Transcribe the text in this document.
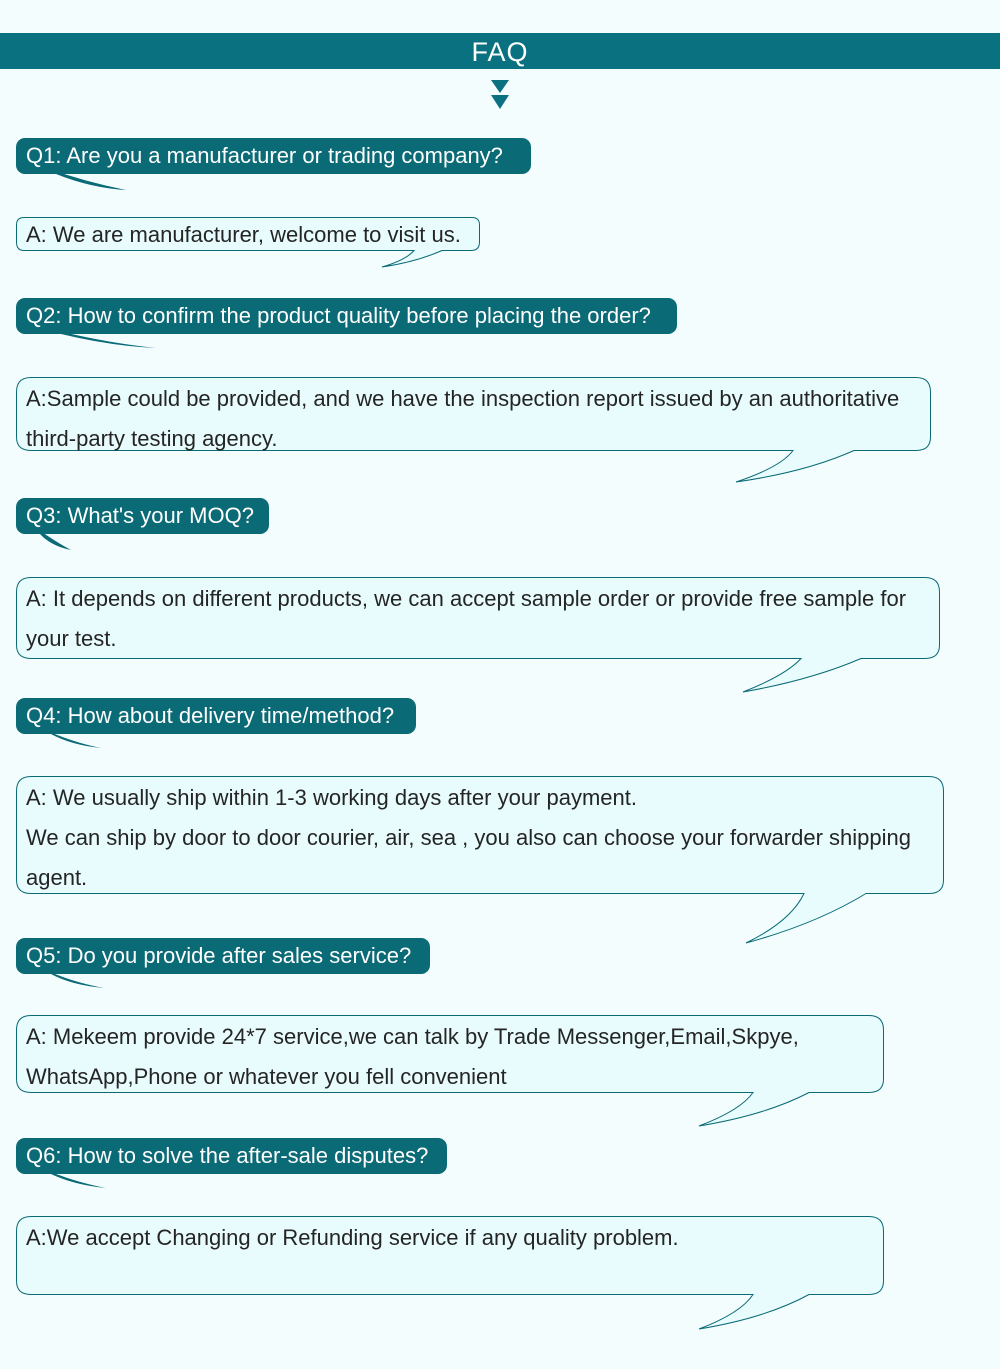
FAQ
Q1: Are you a manufacturer or trading company?
A: We are manufacturer, welcome to visit us.
Q2: How to confirm the product quality before placing the order?
A:Sample could be provided, and we have the inspection report issued by an authoritative
third-party testing agency.
Q3: What's your MOQ?
A: It depends on different products, we can accept sample order or provide free sample for
your test.
Q4: How about delivery time/method?
A: We usually ship within 1-3 working days after your payment.
We can ship by door to door courier, air, sea , you also can choose your forwarder shipping
agent.
Q5: Do you provide after sales service?
A: Mekeem provide 24*7 service,we can talk by Trade Messenger,Email,Skpye,
WhatsApp,Phone or whatever you fell convenient
Q6: How to solve the after-sale disputes?
A:We accept Changing or Refunding service if any quality problem.
